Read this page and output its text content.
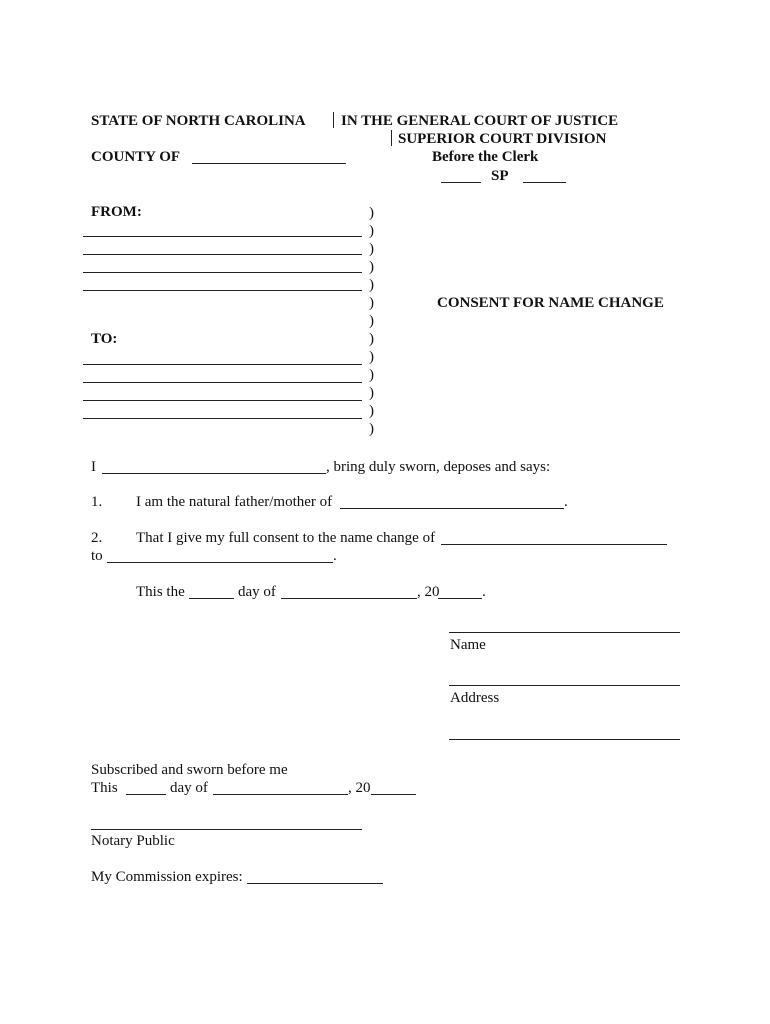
STATE OF NORTH CAROLINA IN THE GENERAL COURT OF JUSTICE
SUPERIOR COURT DIVISION
COUNTY OF	Before the Clerk
SP
FROM:
TO:
)
)
)
)
)
)
)
)
)
)
)
)
)
CONSENT FOR NAME CHANGE
I	, bring duly sworn, deposes and says:
1. I am the natural father/mother of	.
2. That I give my full consent to the name change of
to	.
This the	day of	, 20	.
Name
Address
Subscribed and sworn before me
This	day of	, 20
Notary Public
My Commission expires:
